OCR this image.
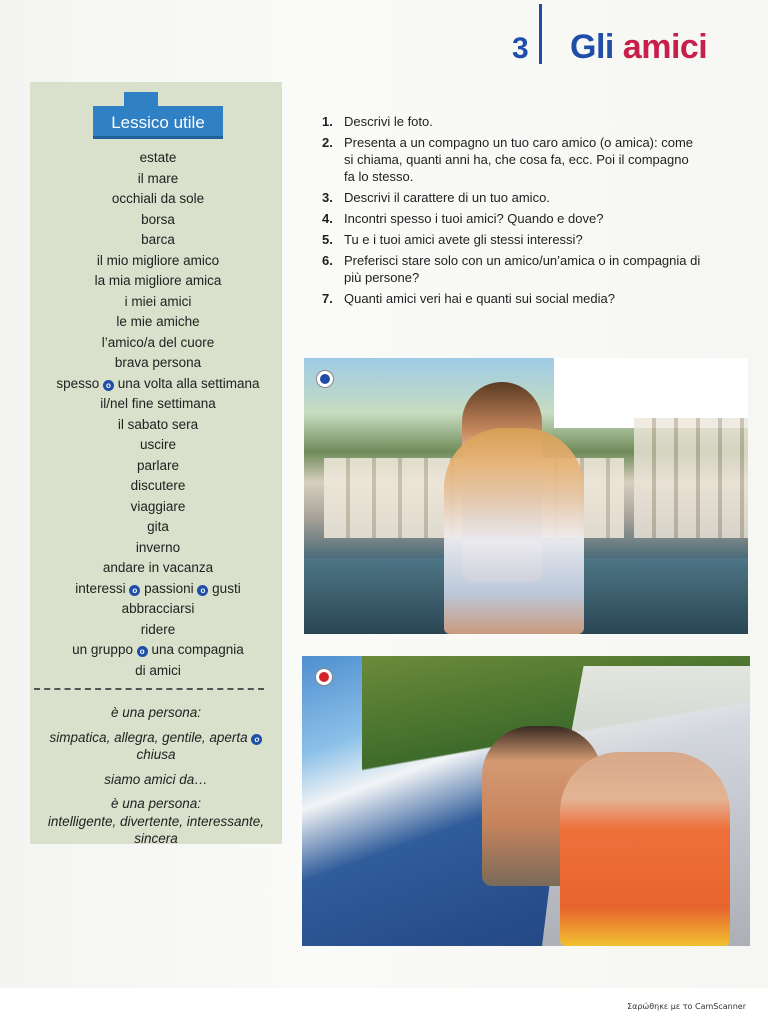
3 Gli amici
Lessico utile
estate
il mare
occhiali da sole
borsa
barca
il mio migliore amico
la mia migliore amica
i miei amici
le mie amiche
l’amico/a del cuore
brava persona
spesso o una volta alla settimana
il/nel fine settimana
il sabato sera
uscire
parlare
discutere
viaggiare
gita
inverno
andare in vacanza
interessi o passioni o gusti
abbracciarsi
ridere
un gruppo o una compagnia
di amici

è una persona:

simpatica, allegra, gentile, aperta o
chiusa

siamo amici da…

è una persona:
intelligente, divertente, interessante,
sincera

1. Descrivi le foto.
2. Presenta a un compagno un tuo caro amico (o amica): come si chiama, quanti anni ha, che cosa fa, ecc. Poi il compagno fa lo stesso.
3. Descrivi il carattere di un tuo amico.
4. Incontri spesso i tuoi amici? Quando e dove?
5. Tu e i tuoi amici avete gli stessi interessi?
6. Preferisci stare solo con un amico/un’amica o in compagnia di più persone?
7. Quanti amici veri hai e quanti sui social media?
Σαρώθηκε με το CamScanner
